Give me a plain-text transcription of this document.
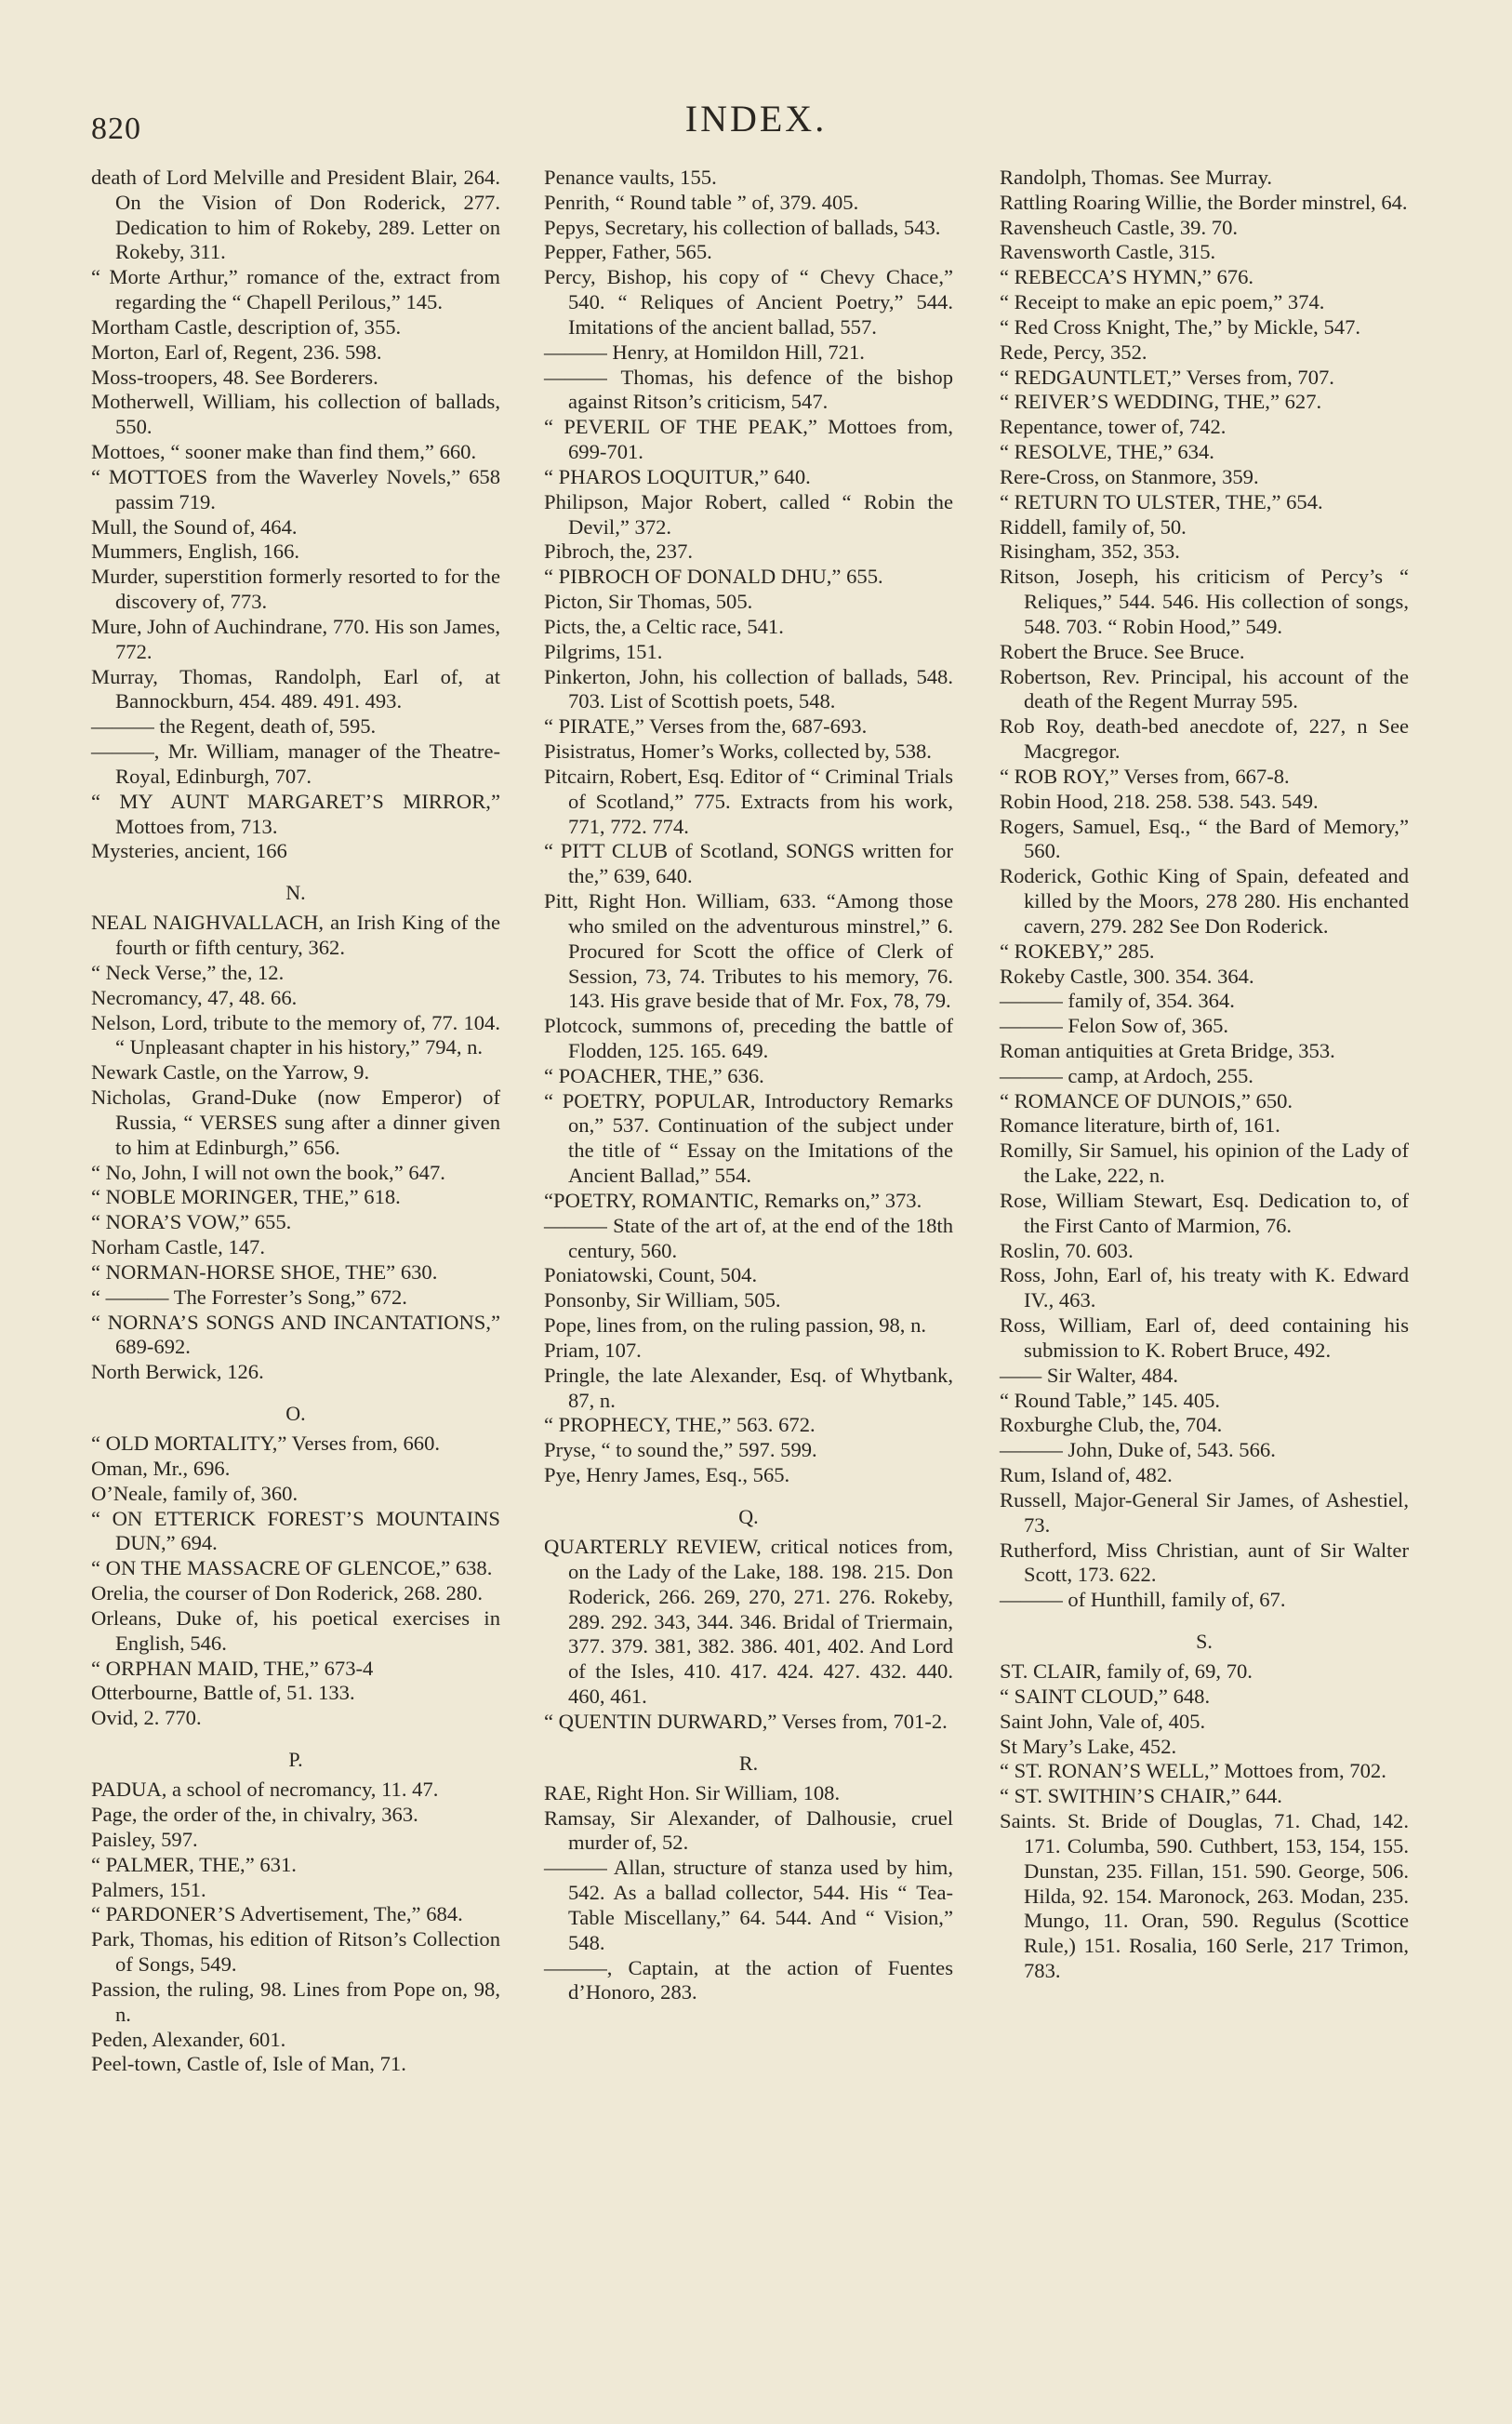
820	INDEX.

death of Lord Melville and President Blair, 264. On the Vision of Don Roderick, 277. Dedication to him of Rokeby, 289. Letter on Rokeby, 311.

“ Morte Arthur,” romance of the, extract from regarding the “ Chapell Perilous,” 145.

Mortham Castle, description of, 355.

Morton, Earl of, Regent, 236. 598.

Moss-troopers, 48. See Borderers.

Motherwell, William, his collection of ballads, 550.

Mottoes, “ sooner make than find them,” 660.

“ MOTTOES from the Waverley Novels,” 658 passim 719.

Mull, the Sound of, 464.

Mummers, English, 166.

Murder, superstition formerly resorted to for the discovery of, 773.

Mure, John of Auchindrane, 770. His son James, 772.

Murray, Thomas, Randolph, Earl of, at Bannockburn, 454. 489. 491. 493.

——— the Regent, death of, 595.

———, Mr. William, manager of the Theatre-Royal, Edinburgh, 707.

“ MY AUNT MARGARET’S MIRROR,” Mottoes from, 713.

Mysteries, ancient, 166

N.

NEAL NAIGHVALLACH, an Irish King of the fourth or fifth century, 362.

“ Neck Verse,” the, 12.

Necromancy, 47, 48. 66.

Nelson, Lord, tribute to the memory of, 77. 104. “ Unpleasant chapter in his history,” 794, n.

Newark Castle, on the Yarrow, 9.

Nicholas, Grand-Duke (now Emperor) of Russia, “ VERSES sung after a dinner given to him at Edinburgh,” 656.

“ No, John, I will not own the book,” 647.

“ NOBLE MORINGER, THE,” 618.

“ NORA’S VOW,” 655.

Norham Castle, 147.

“ NORMAN-HORSE SHOE, THE” 630.

“ ——— The Forrester’s Song,” 672.

“ NORNA’S SONGS AND INCANTATIONS,” 689-692.

North Berwick, 126.

O.

“ OLD MORTALITY,” Verses from, 660.

Oman, Mr., 696.

O’Neale, family of, 360.

“ ON ETTERICK FOREST’S MOUNTAINS DUN,” 694.

“ ON THE MASSACRE OF GLENCOE,” 638.

Orelia, the courser of Don Roderick, 268. 280.

Orleans, Duke of, his poetical exercises in English, 546.

“ ORPHAN MAID, THE,” 673-4

Otterbourne, Battle of, 51. 133.

Ovid, 2. 770.

P.

PADUA, a school of necromancy, 11. 47.

Page, the order of the, in chivalry, 363.

Paisley, 597.

“ PALMER, THE,” 631.

Palmers, 151.

“ PARDONER’S Advertisement, The,” 684.

Park, Thomas, his edition of Ritson’s Collection of Songs, 549.

Passion, the ruling, 98. Lines from Pope on, 98, n.

Peden, Alexander, 601.

Peel-town, Castle of, Isle of Man, 71.

Penance vaults, 155.

Penrith, “ Round table ” of, 379. 405.

Pepys, Secretary, his collection of ballads, 543.

Pepper, Father, 565.

Percy, Bishop, his copy of “ Chevy Chace,” 540. “ Reliques of Ancient Poetry,” 544. Imitations of the ancient ballad, 557.

——— Henry, at Homildon Hill, 721.

——— Thomas, his defence of the bishop against Ritson’s criticism, 547.

“ PEVERIL OF THE PEAK,” Mottoes from, 699-701.

“ PHAROS LOQUITUR,” 640.

Philipson, Major Robert, called “ Robin the Devil,” 372.

Pibroch, the, 237.

“ PIBROCH OF DONALD DHU,” 655.

Picton, Sir Thomas, 505.

Picts, the, a Celtic race, 541.

Pilgrims, 151.

Pinkerton, John, his collection of ballads, 548. 703. List of Scottish poets, 548.

“ PIRATE,” Verses from the, 687-693.

Pisistratus, Homer’s Works, collected by, 538.

Pitcairn, Robert, Esq. Editor of “ Criminal Trials of Scotland,” 775. Extracts from his work, 771, 772. 774.

“ PITT CLUB of Scotland, SONGS written for the,” 639, 640.

Pitt, Right Hon. William, 633. “Among those who smiled on the adventurous minstrel,” 6. Procured for Scott the office of Clerk of Session, 73, 74. Tributes to his memory, 76. 143. His grave beside that of Mr. Fox, 78, 79.

Plotcock, summons of, preceding the battle of Flodden, 125. 165. 649.

“ POACHER, THE,” 636.

“ POETRY, POPULAR, Introductory Remarks on,” 537. Continuation of the subject under the title of “ Essay on the Imitations of the Ancient Ballad,” 554.

“POETRY, ROMANTIC, Remarks on,” 373.

——— State of the art of, at the end of the 18th century, 560.

Poniatowski, Count, 504.

Ponsonby, Sir William, 505.

Pope, lines from, on the ruling passion, 98, n.

Priam, 107.

Pringle, the late Alexander, Esq. of Whytbank, 87, n.

“ PROPHECY, THE,” 563. 672.

Pryse, “ to sound the,” 597. 599.

Pye, Henry James, Esq., 565.

Q.

QUARTERLY REVIEW, critical notices from, on the Lady of the Lake, 188. 198. 215. Don Roderick, 266. 269, 270, 271. 276. Rokeby, 289. 292. 343, 344. 346. Bridal of Triermain, 377. 379. 381, 382. 386. 401, 402. And Lord of the Isles, 410. 417. 424. 427. 432. 440. 460, 461.

“ QUENTIN DURWARD,” Verses from, 701-2.

R.

RAE, Right Hon. Sir William, 108.

Ramsay, Sir Alexander, of Dalhousie, cruel murder of, 52.

——— Allan, structure of stanza used by him, 542. As a ballad collector, 544. His “ Tea-Table Miscellany,” 64. 544. And “ Vision,” 548.

———, Captain, at the action of Fuentes d’Honoro, 283.

Randolph, Thomas. See Murray.

Rattling Roaring Willie, the Border minstrel, 64.

Ravensheuch Castle, 39. 70.

Ravensworth Castle, 315.

“ REBECCA’S HYMN,” 676.

“ Receipt to make an epic poem,” 374.

“ Red Cross Knight, The,” by Mickle, 547.

Rede, Percy, 352.

“ REDGAUNTLET,” Verses from, 707.

“ REIVER’S WEDDING, THE,” 627.

Repentance, tower of, 742.

“ RESOLVE, THE,” 634.

Rere-Cross, on Stanmore, 359.

“ RETURN TO ULSTER, THE,” 654.

Riddell, family of, 50.

Risingham, 352, 353.

Ritson, Joseph, his criticism of Percy’s “ Reliques,” 544. 546. His collection of songs, 548. 703. “ Robin Hood,” 549.

Robert the Bruce. See Bruce.

Robertson, Rev. Principal, his account of the death of the Regent Murray 595.

Rob Roy, death-bed anecdote of, 227, n See Macgregor.

“ ROB ROY,” Verses from, 667-8.

Robin Hood, 218. 258. 538. 543. 549.

Rogers, Samuel, Esq., “ the Bard of Memory,” 560.

Roderick, Gothic King of Spain, defeated and killed by the Moors, 278 280. His enchanted cavern, 279. 282 See Don Roderick.

“ ROKEBY,” 285.

Rokeby Castle, 300. 354. 364.

——— family of, 354. 364.

——— Felon Sow of, 365.

Roman antiquities at Greta Bridge, 353.

——— camp, at Ardoch, 255.

“ ROMANCE OF DUNOIS,” 650.

Romance literature, birth of, 161.

Romilly, Sir Samuel, his opinion of the Lady of the Lake, 222, n.

Rose, William Stewart, Esq. Dedication to, of the First Canto of Marmion, 76.

Roslin, 70. 603.

Ross, John, Earl of, his treaty with K. Edward IV., 463.

Ross, William, Earl of, deed containing his submission to K. Robert Bruce, 492.

—— Sir Walter, 484.

“ Round Table,” 145. 405.

Roxburghe Club, the, 704.

——— John, Duke of, 543. 566.

Rum, Island of, 482.

Russell, Major-General Sir James, of Ashestiel, 73.

Rutherford, Miss Christian, aunt of Sir Walter Scott, 173. 622.

——— of Hunthill, family of, 67.

S.

ST. CLAIR, family of, 69, 70.

“ SAINT CLOUD,” 648.

Saint John, Vale of, 405.

St Mary’s Lake, 452.

“ ST. RONAN’S WELL,” Mottoes from, 702.

“ ST. SWITHIN’S CHAIR,” 644.

Saints. St. Bride of Douglas, 71. Chad, 142. 171. Columba, 590. Cuthbert, 153, 154, 155. Dunstan, 235. Fillan, 151. 590. George, 506. Hilda, 92. 154. Maronock, 263. Modan, 235. Mungo, 11. Oran, 590. Regulus (Scottice Rule,) 151. Rosalia, 160 Serle, 217 Trimon, 783.
